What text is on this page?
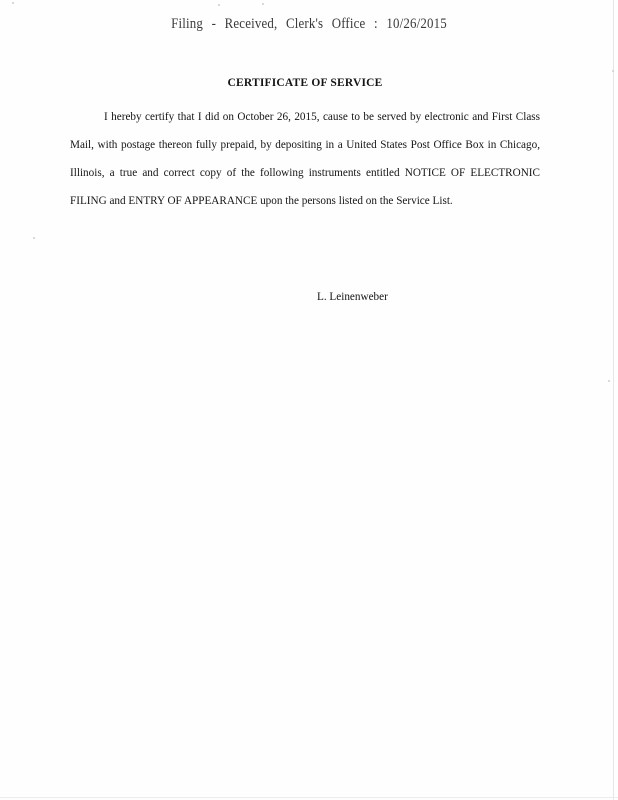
Filing - Received, Clerk's Office : 10/26/2015
CERTIFICATE OF SERVICE

I hereby certify that I did on October 26, 2015, cause to be served by electronic and First Class Mail, with postage thereon fully prepaid, by depositing in a United States Post Office Box in Chicago, Illinois, a true and correct copy of the following instruments entitled NOTICE OF ELECTRONIC FILING and ENTRY OF APPEARANCE upon the persons listed on the Service List.

L. Leinenweber
